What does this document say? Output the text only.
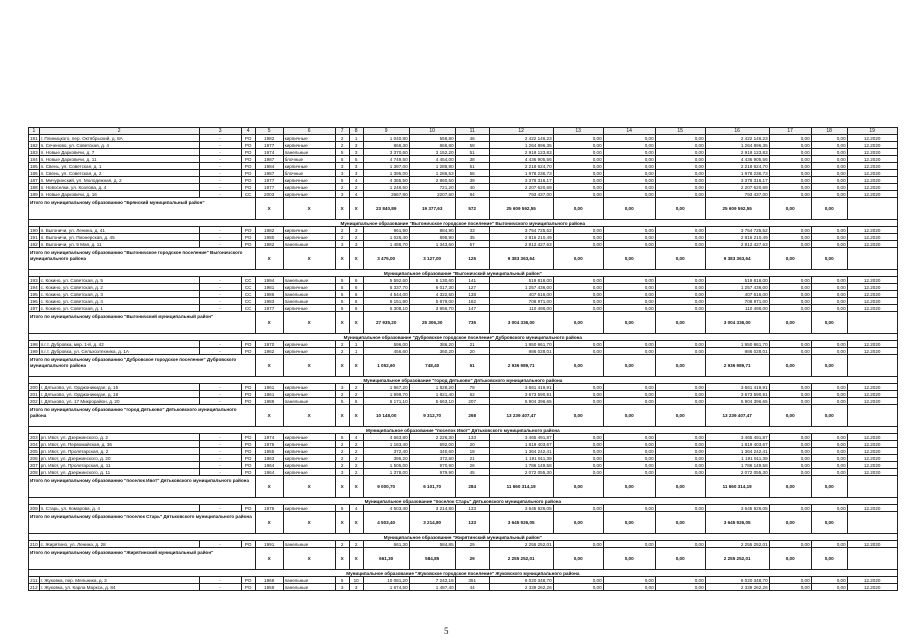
1	2	3	4	5	6	7	8	9	10	11	12	13	14	15	16	17	18	19
181	г. Плиницкого, пер. Октябрьский, д. 8А	-	РО	1982	кирпичные	2	1	1 040,80	558,80	46	2 422 146,23	0,00	0,00	0,00	2 422 146,23	0,00	0,00	12.2020
182	п. Сеченово, ул. Советская, д. 4	-	РО	1977	кирпичные	2	3	866,30	866,80	58	1 264 896,35	0,00	0,00	0,00	1 264 896,35	0,00	0,00	12.2020
183	п. Новые Дарковичи, д. 7	-	РО	1974	панельные	5	3	3 370,60	3 152,20	51	2 919 123,83	0,00	0,00	0,00	2 919 123,83	0,00	0,00	12.2020
184	п. Новые Дарковичи, д. 11	-	РО	1987	блочные	5	5	4 749,50	4 454,00	38	4 436 905,56	0,00	0,00	0,00	4 436 905,56	0,00	0,00	12.2020
185	п. Свень, ул. Советская, д. 1	-	РО	1984	кирпичные	3	3	1 397,00	1 288,90	51	2 218 624,70	0,00	0,00	0,00	2 218 624,70	0,00	0,00	12.2020
186	п. Свень, ул. Советская, д. 2	-	РО	1987	блочные	3	3	1 395,00	1 286,53	56	1 978 236,73	0,00	0,00	0,00	1 978 236,73	0,00	0,00	12.2020
187	п. Мичуринский, ул. Молодежная, д. 2	-	РО	1977	кирпичные	5	4	4 365,50	2 860,50	39	3 378 316,17	0,00	0,00	0,00	3 378 316,17	0,00	0,00	12.2020
188	п. Новоселки, ул. Козлова, д. 4	-	РО	1977	кирпичные	2	2	1 246,50	721,20	40	2 207 620,69	0,00	0,00	0,00	2 207 620,69	0,00	0,00	12.2020
189	п. Новые Дарковичи, д. 16	-	СС	2003	кирпичные	3	4	2667,80	2207,60	84	793 437,00	0,00	0,00	0,00	793 437,00	0,00	0,00	12.2020
Итого по муниципальному образованию "Брянский муниципальный район"				X	X	X	X	23 840,89	19 377,63	572	25 609 592,55	0,00	0,00	0,00	25 609 592,55	0,00	0,00	
Муниципальное образование "Выгоничское городское поселение" Выгоничского муниципального района																		
190	п. Выгоничи, ул. Ленина, д. 41	-	РО	1982	кирпичные	2	3	961,90	884,90	33	3 754 725,52	0,00	0,00	0,00	3 754 725,52	0,00	0,00	12.2020
191	п. Выгоничи, ул. Пионерская, д. 45	-	РО	1980	кирпичные	2	2	1 026,40	898,90	35	2 816 210,49	0,00	0,00	0,00	2 816 210,49	0,00	0,00	12.2020
192	п. Выгоничи, ул. 9 Мая, д. 11	-	РО	1982	панельные	3	3	1 486,70	1 343,60	57	2 812 427,63	0,00	0,00	0,00	2 812 427,63	0,00	0,00	12.2020
Итого по муниципальному образованию "Выгоничское городское поселение" Выгоничского муниципального района				X	X	X	X	3 475,00	3 127,00	125	9 383 363,64	0,00	0,00	0,00	9 383 363,64	0,00	0,00	
Муниципальное образование "Выгоничский муниципальный район"																		
193	с. Кокино, ул. Советская, д. 5	-	СС	1994	панельные	5	6	5 592,60	5 130,60	141	519 816,00	0,00	0,00	0,00	519 816,00	0,00	0,00	12.2020
194	с. Кокино, ул. Советская, д. 2	-	СС	1981	кирпичные	5	6	5 337,70	6 017,30	127	1 257 436,00	0,00	0,00	0,00	1 257 436,00	0,00	0,00	12.2020
195	с. Кокино, ул. Советская, д. 3	-	СС	1986	панельные	5	6	4 544,00	4 322,50	138	407 616,00	0,00	0,00	0,00	407 616,00	0,00	0,00	12.2020
196	с. Кокино, ул. Советская, д. 4	-	СС	1983	панельные	5	6	6 151,90	5 879,00	182	708 971,00	0,00	0,00	0,00	708 971,00	0,00	0,00	12.2020
197	с. Кокино, ул. Советская, д. 1	-	СС	1977	кирпичные	5	6	5 308,10	3 956,70	147	110 496,00	0,00	0,00	0,00	110 496,00	0,00	0,00	12.2020
Итого по муниципальному образованию "Выгоничский муниципальный район"				X	X	X	X	27 935,20	25 306,30	735	3 004 336,00	0,00	0,00	0,00	3 004 336,00	0,00	0,00	
Муниципальное образование "Дубровское городское поселение" Дубровского муниципального района																		
198	п.г.т. Дубровка, мкр. 1-й, д. 42	-	РО	1970	кирпичные	2	1	596,00	386,20	21	1 950 961,70	0,00	0,00	0,00	1 950 961,70	0,00	0,00	12.2020
199	п.г.т. Дубровка, ул. Сельхозтехника, д. 1А	-	РО	1962	кирпичные	2	1	456,60	360,20	20	986 028,01	0,00	0,00	0,00	986 028,01	0,00	0,00	12.2020
Итого по муниципальному образованию "Дубровское городское поселение" Дубровского муниципального района				X	X	X	X	1 052,60	748,40	51	2 936 989,71	0,00	0,00	0,00	2 936 989,71	0,00	0,00	
Муниципальное образование "город Дятьково" Дятьковского муниципального района																		
200	г. Дятьково, ул. Орджоникидзе, д. 15	-	РО	1961	кирпичные	3	2	1 967,20	1 828,20	79	3 661 419,91	0,00	0,00	0,00	3 661 419,91	0,00	0,00	12.2020
201	г. Дятьково, ул. Орджоникидзе, д. 18	-	РО	1961	кирпичные	2	2	1 999,70	1 821,40	62	3 673 590,91	0,00	0,00	0,00	3 673 590,91	0,00	0,00	12.2020
202	г. Дятьково, ул. 17 Микрорайон, д. 20	-	РО	1989	панельные	5	6	6 171,10	5 663,10	207	5 904 396,65	0,00	0,00	0,00	5 904 396,65	0,00	0,00	12.2020
Итого по муниципальному образованию "город Дятьково" Дятьковского муниципального района				X	X	X	X	10 148,00	9 312,70	268	13 239 407,47	0,00	0,00	0,00	13 239 407,47	0,00	0,00	
Муниципальное образование "поселок Ивот" Дятьковского муниципального района																		
203	рп. Ивот, ул. Дзержинского, д. 2	-	РО	1974	кирпичные	5	4	4 663,80	2 226,30	133	3 465 491,87	0,00	0,00	0,00	3 465 491,87	0,00	0,00	12.2020
204	рп. Ивот, ул. Первомайская, д. 35	-	РО	1975	кирпичные	2	2	1 163,40	692,00	20	1 819 403,67	0,00	0,00	0,00	1 819 403,67	0,00	0,00	12.2020
205	рп. Ивот, ул. Пролетарская, д. 2	-	РО	1955	кирпичные	2	2	372,40	340,60	19	1 364 242,41	0,00	0,00	0,00	1 364 242,41	0,00	0,00	12.2020
206	рп. Ивот, ул. Дзержинского, д. 20	-	РО	1963	кирпичные	2	2	396,20	372,60	21	1 191 911,39	0,00	0,00	0,00	1 191 911,39	0,00	0,00	12.2020
207	рп. Ивот, ул. Пролетарская, д. 11	-	РО	1964	кирпичные	2	2	1 505,00	970,90	26	1 786 149,58	0,00	0,00	0,00	1 786 149,58	0,00	0,00	12.2020
208	рп. Ивот, ул. Дзержинского, д. 11	-	РО	1964	кирпичные	3	2	1 378,00	979,90	45	2 072 055,30	0,00	0,00	0,00	2 072 055,30	0,00	0,00	12.2020
Итого по муниципальному образованию "поселок Ивот" Дятьковского муниципального района				X	X	X	X	9 000,70	6 101,70	284	11 660 314,19	0,00	0,00	0,00	11 660 314,19	0,00	0,00	
Муниципальное образование "поселок Старь" Дятьковского муниципального района																		
209	п. Старь, ул. Комарова, д. 4	-	РО	1975	кирпичные	5	4	4 503,40	3 214,80	133	3 645 926,05	0,00	0,00	0,00	3 645 926,05	0,00	0,00	12.2020
Итого по муниципальному образованию "поселок Старь" Дятьковского муниципального района				X	X	X	X	4 503,40	3 214,80	133	3 645 926,05	0,00	0,00	0,00	3 645 926,05	0,00	0,00	
Муниципальное образование "Жирятинский муниципальный район"																		
210	с. Жирятино, ул. Ленина, д. 28	-	РО	1991	панельные	2	2	661,30	584,85	29	2 255 252,01	0,00	0,00	0,00	2 255 252,01	0,00	0,00	12.2020
Итого по муниципальному образованию "Жирятинский муниципальный район"				X	X	X	X	661,30	584,85	29	2 255 252,01	0,00	0,00	0,00	2 255 252,01	0,00	0,00	
Муниципальное образование "Жуковское городское поселение" Жуковского муниципального района																		
211	г. Жуковка, пер. Мельника, д. 3	-	РО	1966	панельные	5	10	10 081,20	7 242,16	351	6 020 348,70	0,00	0,00	0,00	6 020 348,70	0,00	0,00	12.2020
212	г. Жуковка, ул. Карла Маркса, д. 84	-	РО	1959	панельные	3	3	1 674,50	1 487,40	44	2 339 262,26	0,00	0,00	0,00	2 339 262,26	0,00	0,00	12.2020
5
